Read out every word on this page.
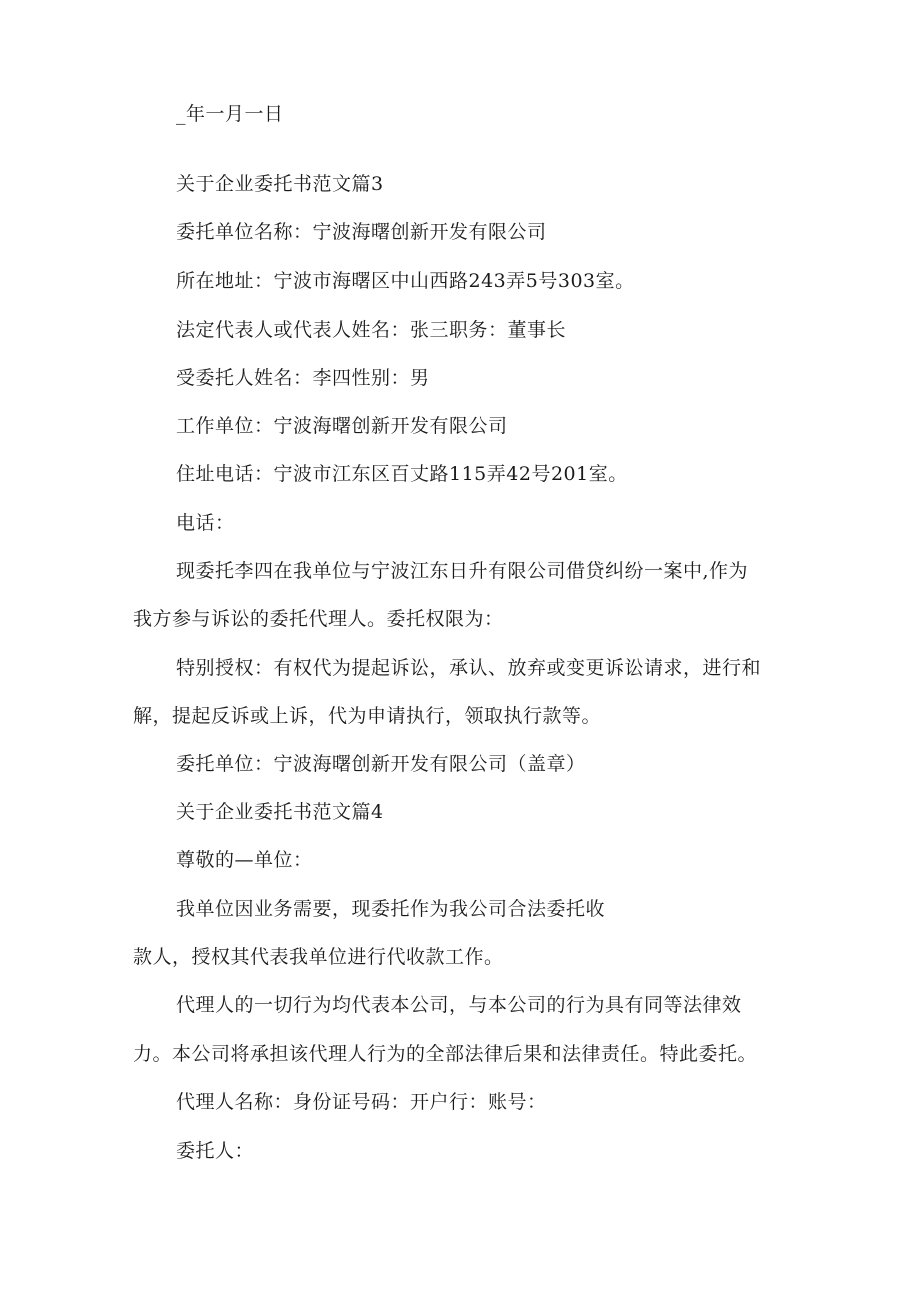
_年一月一日
关于企业委托书范文篇3
委托单位名称：宁波海曙创新开发有限公司
所在地址：宁波市海曙区中山西路243弄5号303室。
法定代表人或代表人姓名：张三职务：董事长
受委托人姓名：李四性别：男
工作单位：宁波海曙创新开发有限公司
住址电话：宁波市江东区百丈路115弄42号201室。
电话：
现委托李四在我单位与宁波江东日升有限公司借贷纠纷一案中,作为
我方参与诉讼的委托代理人。委托权限为：
特别授权：有权代为提起诉讼，承认、放弃或变更诉讼请求，进行和
解，提起反诉或上诉，代为申请执行，领取执行款等。
委托单位：宁波海曙创新开发有限公司（盖章）
关于企业委托书范文篇4
尊敬的—单位：
我单位因业务需要，现委托作为我公司合法委托收
款人，授权其代表我单位进行代收款工作。
代理人的一切行为均代表本公司，与本公司的行为具有同等法律效
力。本公司将承担该代理人行为的全部法律后果和法律责任。特此委托。
代理人名称：身份证号码：开户行：账号：
委托人：
